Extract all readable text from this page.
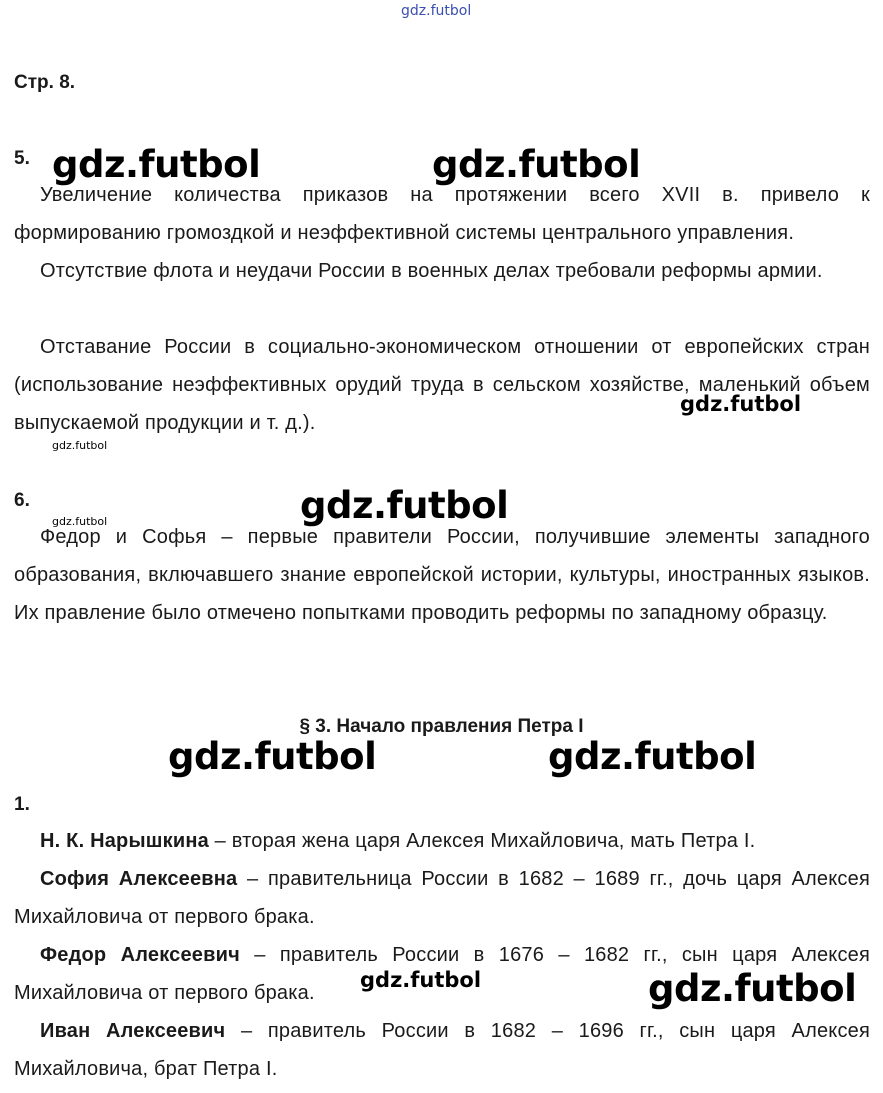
gdz.futbol
Стр. 8.
5.
Увеличение количества приказов на протяжении всего XVII в. привело к формированию громоздкой и неэффективной системы центрального управления.
Отсутствие флота и неудачи России в военных делах требовали реформы армии.
Отставание России в социально-экономическом отношении от европейских стран (использование неэффективных орудий труда в сельском хозяйстве, маленький объем выпускаемой продукции и т. д.).
6.
Федор и Софья – первые правители России, получившие элементы западного образования, включавшего знание европейской истории, культуры, иностранных языков. Их правление было отмечено попытками проводить реформы по западному образцу.
§ 3. Начало правления Петра I
1.
Н. К. Нарышкина – вторая жена царя Алексея Михайловича, мать Петра I.
София Алексеевна – правительница России в 1682 – 1689 гг., дочь царя Алексея Михайловича от первого брака.
Федор Алексеевич – правитель России в 1676 – 1682 гг., сын царя Алексея Михайловича от первого брака.
Иван Алексеевич – правитель России в 1682 – 1696 гг., сын царя Алексея Михайловича, брат Петра I.
gdz.futbol	gdz.futbol
gdz.futbol
gdz.futbol
gdz.futbol
gdz.futbol
gdz.futbol	gdz.futbol
gdz.futbol	gdz.futbol
